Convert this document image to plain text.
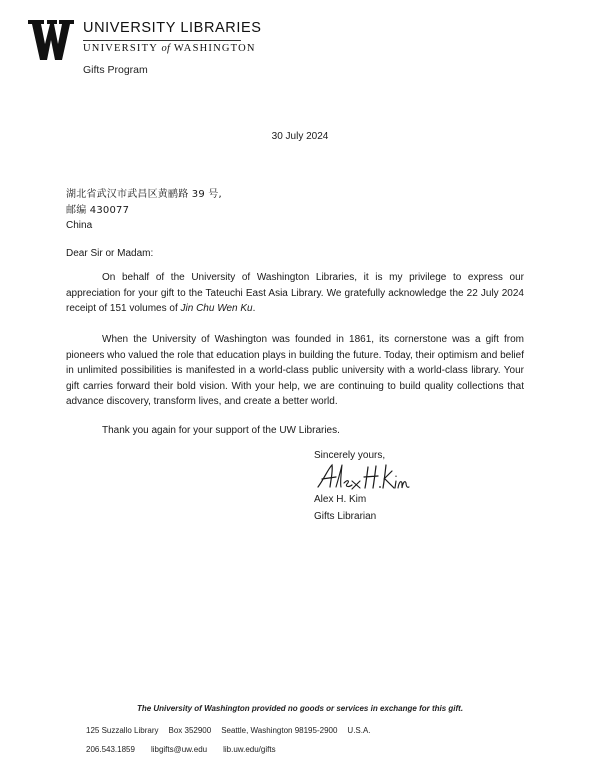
UNIVERSITY LIBRARIES
UNIVERSITY of WASHINGTON
Gifts Program
30 July 2024
湖北省武汉市武昌区黄鹂路 39 号,
邮编 430077
China
Dear Sir or Madam:
On behalf of the University of Washington Libraries, it is my privilege to express our appreciation for your gift to the Tateuchi East Asia Library. We gratefully acknowledge the 22 July 2024 receipt of 151 volumes of Jin Chu Wen Ku.
When the University of Washington was founded in 1861, its cornerstone was a gift from pioneers who valued the role that education plays in building the future. Today, their optimism and belief in unlimited possibilities is manifested in a world-class public university with a world-class library. Your gift carries forward their bold vision. With your help, we are continuing to build quality collections that advance discovery, transform lives, and create a better world.
Thank you again for your support of the UW Libraries.
Sincerely yours,
Alex H. Kim
Gifts Librarian
The University of Washington provided no goods or services in exchange for this gift.
125 Suzzallo Library Box 352900 Seattle, Washington 98195-2900 U.S.A.
206.543.1859 libgifts@uw.edu lib.uw.edu/gifts
